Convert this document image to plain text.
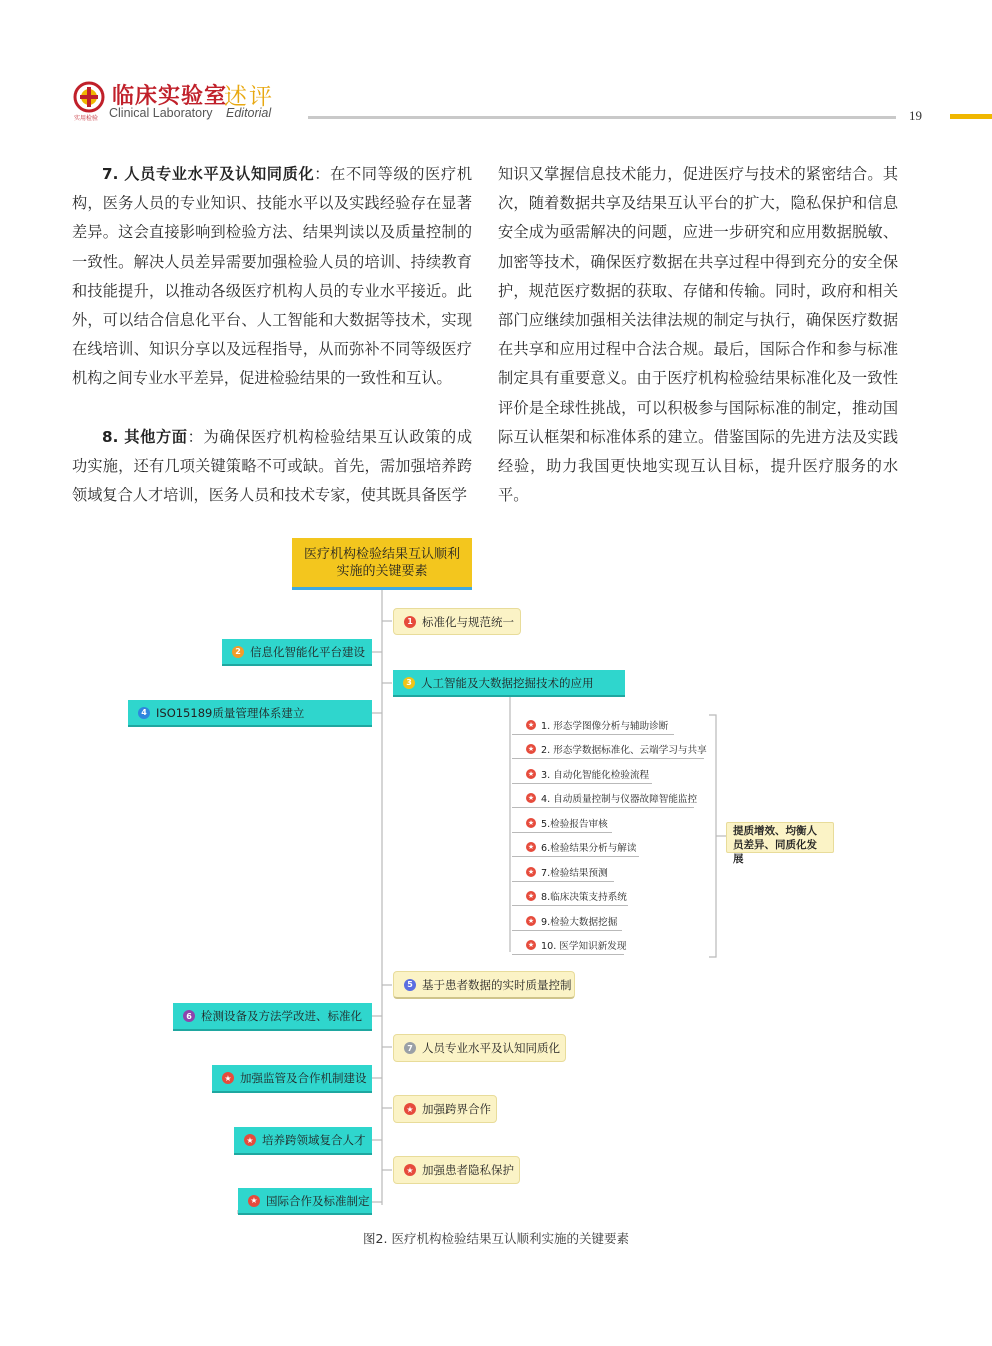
实用检验
临床实验室
述评
Clinical Laboratory Editorial	19

7. 人员专业水平及认知同质化：在不同等级的医疗机构，医务人员的专业知识、技能水平以及实践经验存在显著差异。这会直接影响到检验方法、结果判读以及质量控制的一致性。解决人员差异需要加强检验人员的培训、持续教育和技能提升，以推动各级医疗机构人员的专业水平接近。此外，可以结合信息化平台、人工智能和大数据等技术，实现在线培训、知识分享以及远程指导，从而弥补不同等级医疗机构之间专业水平差异，促进检验结果的一致性和互认。

8. 其他方面：为确保医疗机构检验结果互认政策的成功实施，还有几项关键策略不可或缺。首先，需加强培养跨领域复合人才培训，医务人员和技术专家，使其既具备医学

知识又掌握信息技术能力，促进医疗与技术的紧密结合。其次，随着数据共享及结果互认平台的扩大，隐私保护和信息安全成为亟需解决的问题，应进一步研究和应用数据脱敏、加密等技术，确保医疗数据在共享过程中得到充分的安全保护，规范医疗数据的获取、存储和传输。同时，政府和相关部门应继续加强相关法律法规的制定与执行，确保医疗数据在共享和应用过程中合法合规。最后，国际合作和参与标准制定具有重要意义。由于医疗机构检验结果标准化及一致性评价是全球性挑战，可以积极参与国际标准的制定，推动国际互认框架和标准体系的建立。借鉴国际的先进方法及实践经验，助力我国更快地实现互认目标，提升医疗服务的水平。

医疗机构检验结果互认顺利实施的关键要素
1 标准化与规范统一
2 信息化智能化平台建设
3 人工智能及大数据挖掘技术的应用
4 ISO15189质量管理体系建立
★ 1. 形态学图像分析与辅助诊断
★ 2. 形态学数据标准化、云端学习与共享
★ 3. 自动化智能化检验流程
★ 4. 自动质量控制与仪器故障智能监控
★ 5.检验报告审核
★ 6.检验结果分析与解读
★ 7.检验结果预测
★ 8.临床决策支持系统
★ 9.检验大数据挖掘
★ 10. 医学知识新发现
提质增效、均衡人员差异、同质化发展
5 基于患者数据的实时质量控制
6 检测设备及方法学改进、标准化
7 人员专业水平及认知同质化
★ 加强监管及合作机制建设
★ 加强跨界合作
★ 培养跨领域复合人才
★ 加强患者隐私保护
★ 国际合作及标准制定
图2. 医疗机构检验结果互认顺利实施的关键要素
